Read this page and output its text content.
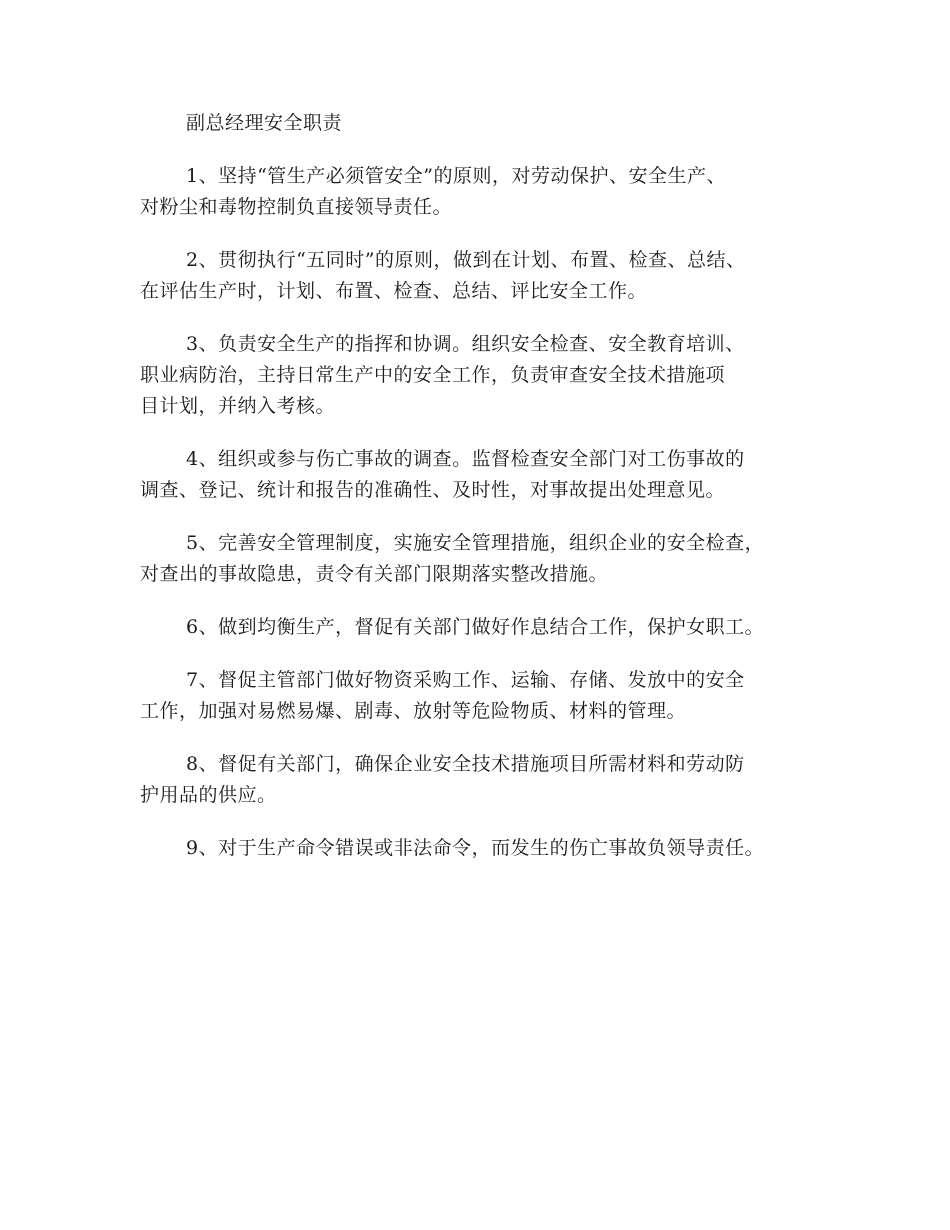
副总经理安全职责

1、坚持“管生产必须管安全”的原则，对劳动保护、安全生产、
对粉尘和毒物控制负直接领导责任。

2、贯彻执行“五同时”的原则，做到在计划、布置、检查、总结、
在评估生产时，计划、布置、检查、总结、评比安全工作。

3、负责安全生产的指挥和协调。组织安全检查、安全教育培训、
职业病防治，主持日常生产中的安全工作，负责审查安全技术措施项
目计划，并纳入考核。

4、组织或参与伤亡事故的调查。监督检查安全部门对工伤事故的
调查、登记、统计和报告的准确性、及时性，对事故提出处理意见。

5、完善安全管理制度，实施安全管理措施，组织企业的安全检查，
对查出的事故隐患，责令有关部门限期落实整改措施。

6、做到均衡生产，督促有关部门做好作息结合工作，保护女职工。

7、督促主管部门做好物资采购工作、运输、存储、发放中的安全
工作，加强对易燃易爆、剧毒、放射等危险物质、材料的管理。

8、督促有关部门，确保企业安全技术措施项目所需材料和劳动防
护用品的供应。

9、对于生产命令错误或非法命令，而发生的伤亡事故负领导责任。
